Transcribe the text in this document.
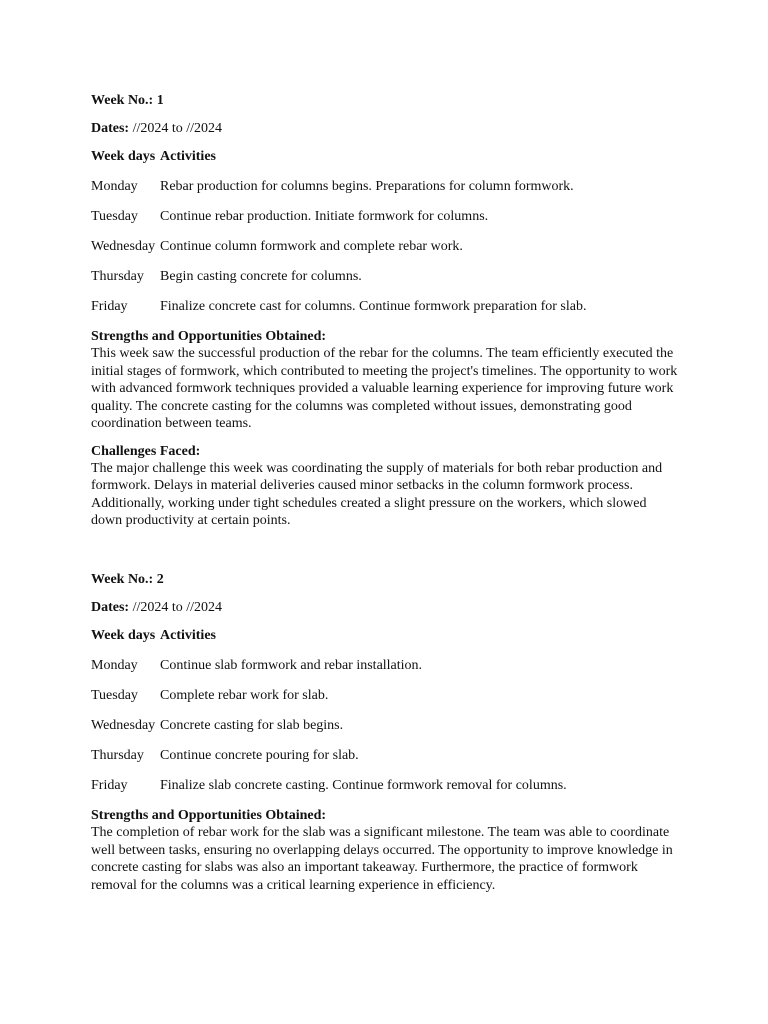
Week No.: 1
Dates: //2024 to //2024
Week days	Activities
Monday	Rebar production for columns begins. Preparations for column formwork.
Tuesday	Continue rebar production. Initiate formwork for columns.
Wednesday	Continue column formwork and complete rebar work.
Thursday	Begin casting concrete for columns.
Friday	Finalize concrete cast for columns. Continue formwork preparation for slab.
Strengths and Opportunities Obtained:
This week saw the successful production of the rebar for the columns. The team efficiently executed the initial stages of formwork, which contributed to meeting the project's timelines. The opportunity to work with advanced formwork techniques provided a valuable learning experience for improving future work quality. The concrete casting for the columns was completed without issues, demonstrating good coordination between teams.
Challenges Faced:
The major challenge this week was coordinating the supply of materials for both rebar production and formwork. Delays in material deliveries caused minor setbacks in the column formwork process. Additionally, working under tight schedules created a slight pressure on the workers, which slowed down productivity at certain points.
Week No.: 2
Dates: //2024 to //2024
Week days	Activities
Monday	Continue slab formwork and rebar installation.
Tuesday	Complete rebar work for slab.
Wednesday	Concrete casting for slab begins.
Thursday	Continue concrete pouring for slab.
Friday	Finalize slab concrete casting. Continue formwork removal for columns.
Strengths and Opportunities Obtained:
The completion of rebar work for the slab was a significant milestone. The team was able to coordinate well between tasks, ensuring no overlapping delays occurred. The opportunity to improve knowledge in concrete casting for slabs was also an important takeaway. Furthermore, the practice of formwork removal for the columns was a critical learning experience in efficiency.
